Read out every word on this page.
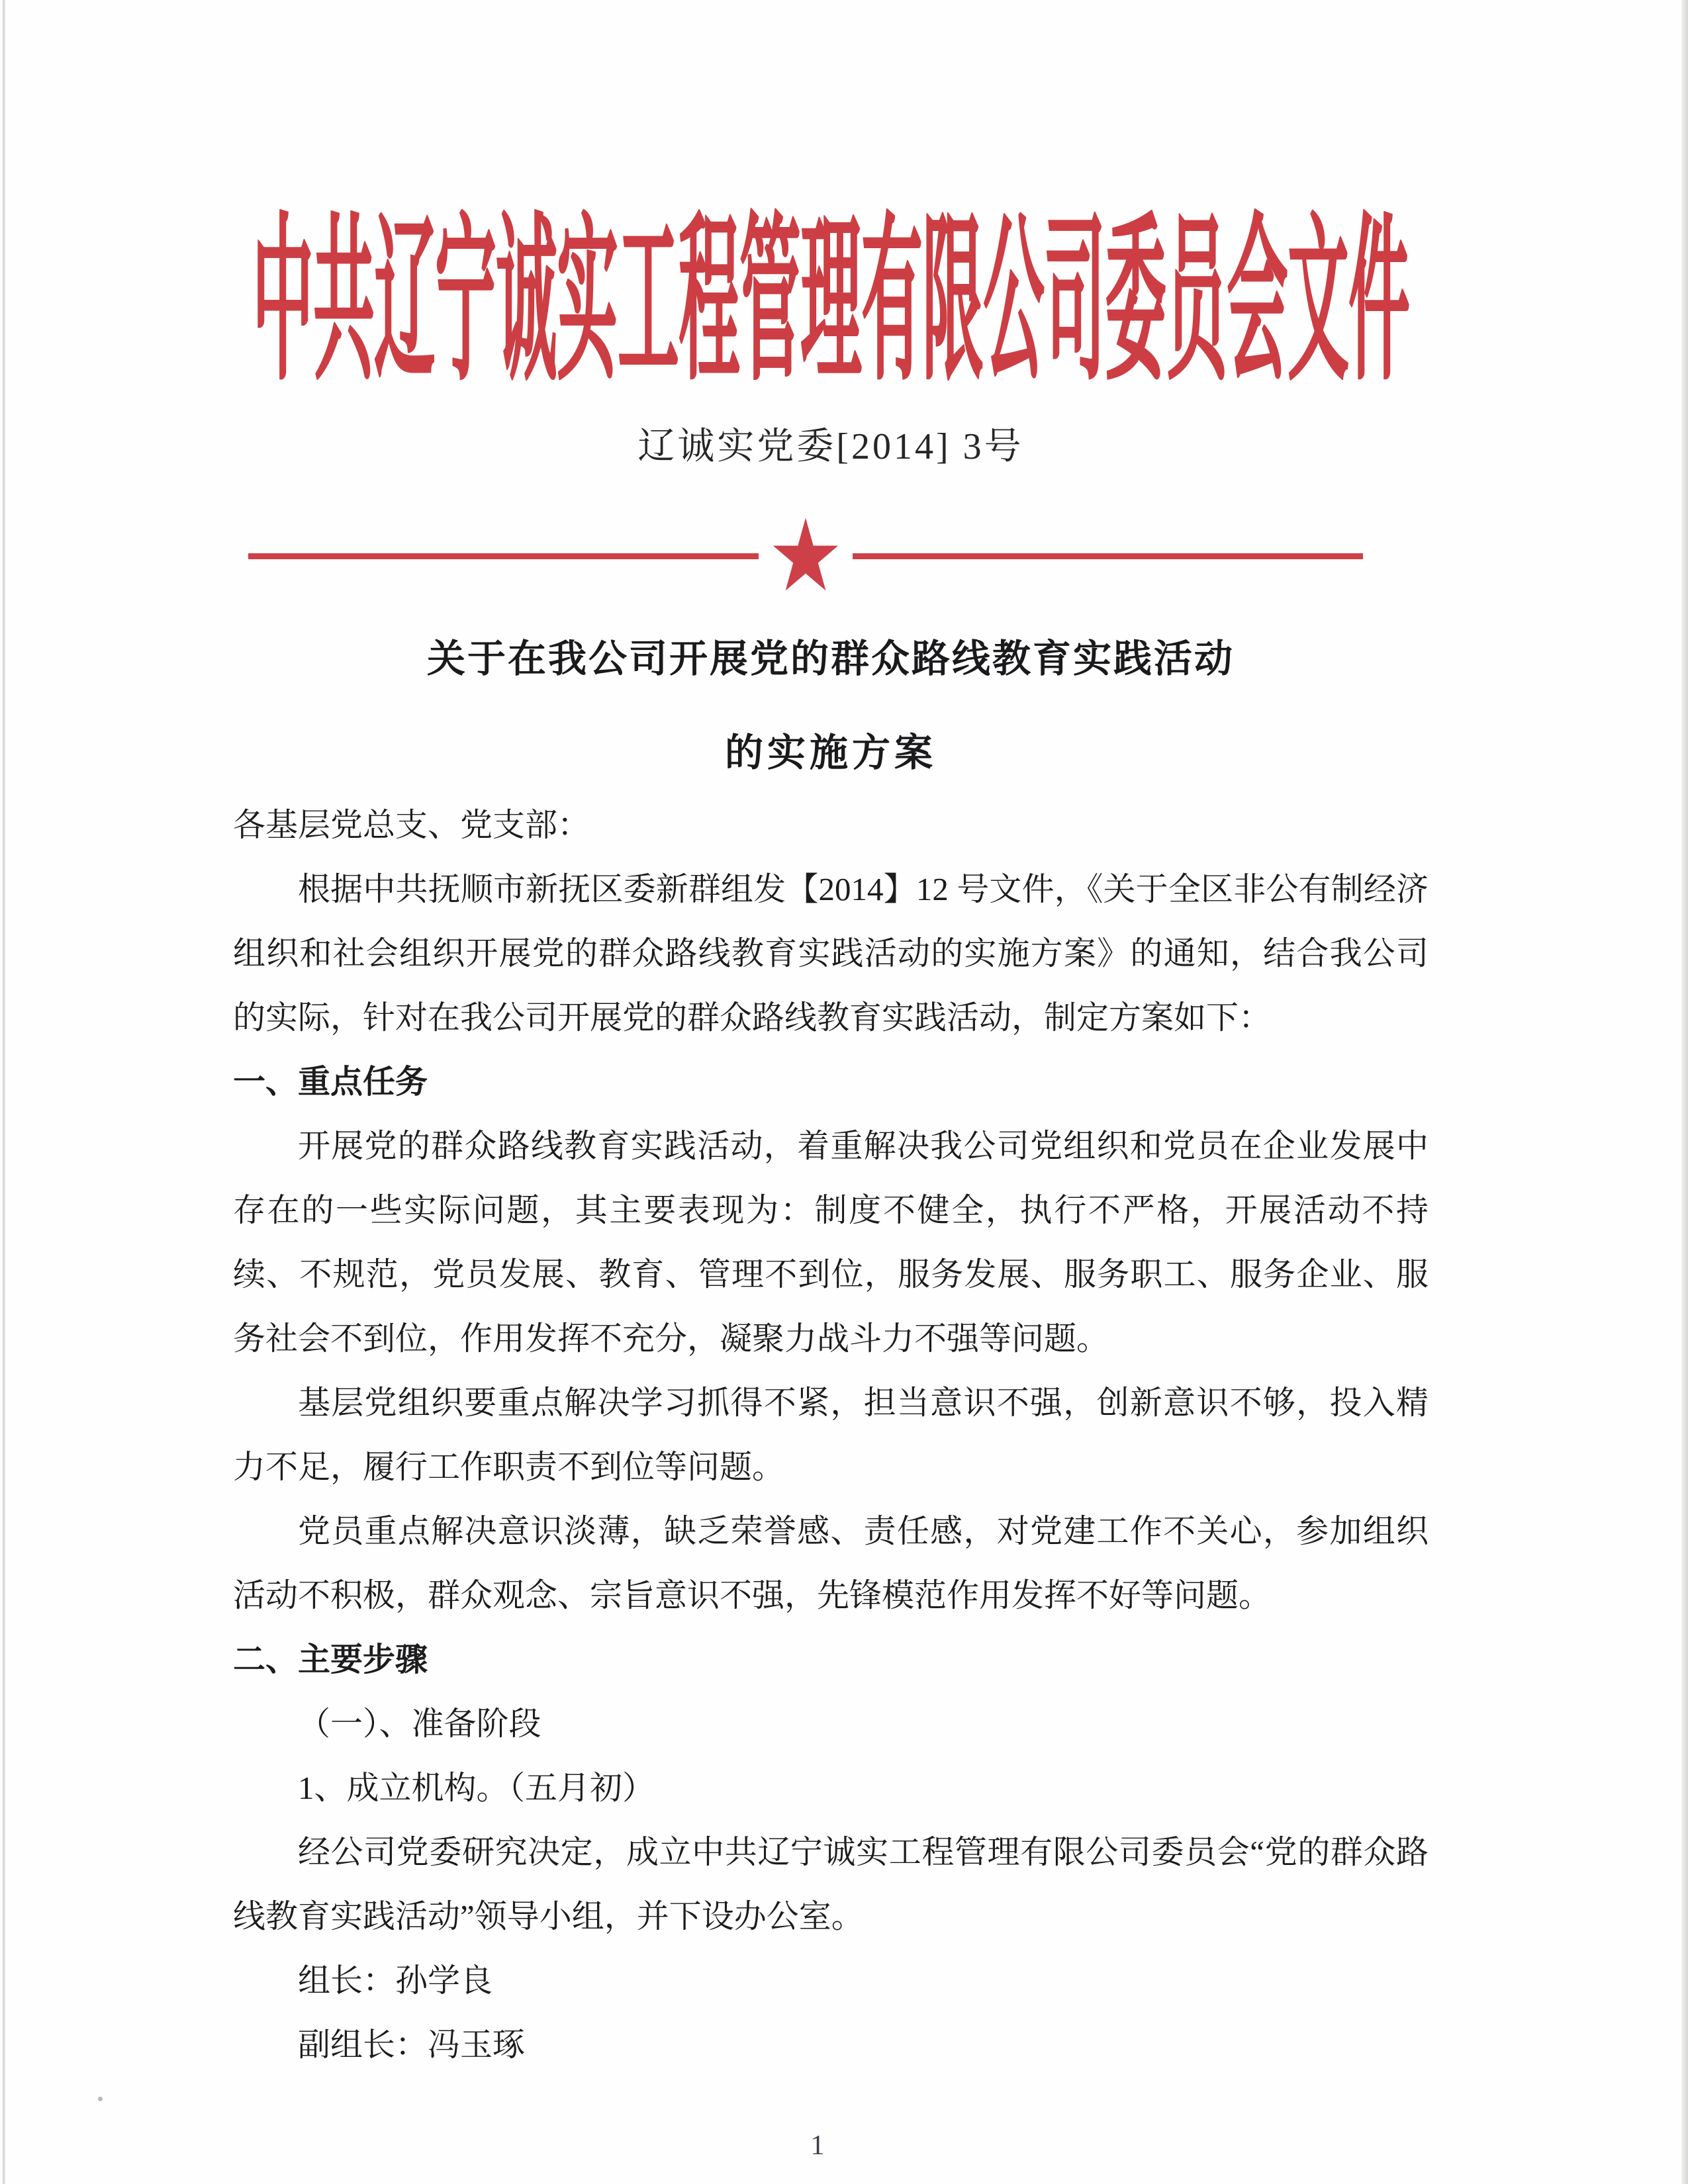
中共辽宁诚实工程管理有限公司委员会文件
辽诚实党委[2014] 3号
★
关于在我公司开展党的群众路线教育实践活动
的实施方案

各基层党总支、党支部：

根据中共抚顺市新抚区委新群组发【2014】12 号文件，《关于全区非公有制经济组织和社会组织开展党的群众路线教育实践活动的实施方案》的通知，结合我公司的实际，针对在我公司开展党的群众路线教育实践活动，制定方案如下：

一、重点任务

开展党的群众路线教育实践活动，着重解决我公司党组织和党员在企业发展中存在的一些实际问题，其主要表现为：制度不健全，执行不严格，开展活动不持续、不规范，党员发展、教育、管理不到位，服务发展、服务职工、服务企业、服务社会不到位，作用发挥不充分，凝聚力战斗力不强等问题。

基层党组织要重点解决学习抓得不紧，担当意识不强，创新意识不够，投入精力不足，履行工作职责不到位等问题。

党员重点解决意识淡薄，缺乏荣誉感、责任感，对党建工作不关心，参加组织活动不积极，群众观念、宗旨意识不强，先锋模范作用发挥不好等问题。

二、主要步骤

（一）、准备阶段

1、成立机构。（五月初）

经公司党委研究决定，成立中共辽宁诚实工程管理有限公司委员会“党的群众路线教育实践活动”领导小组，并下设办公室。

组长：孙学良

副组长：冯玉琢

1
